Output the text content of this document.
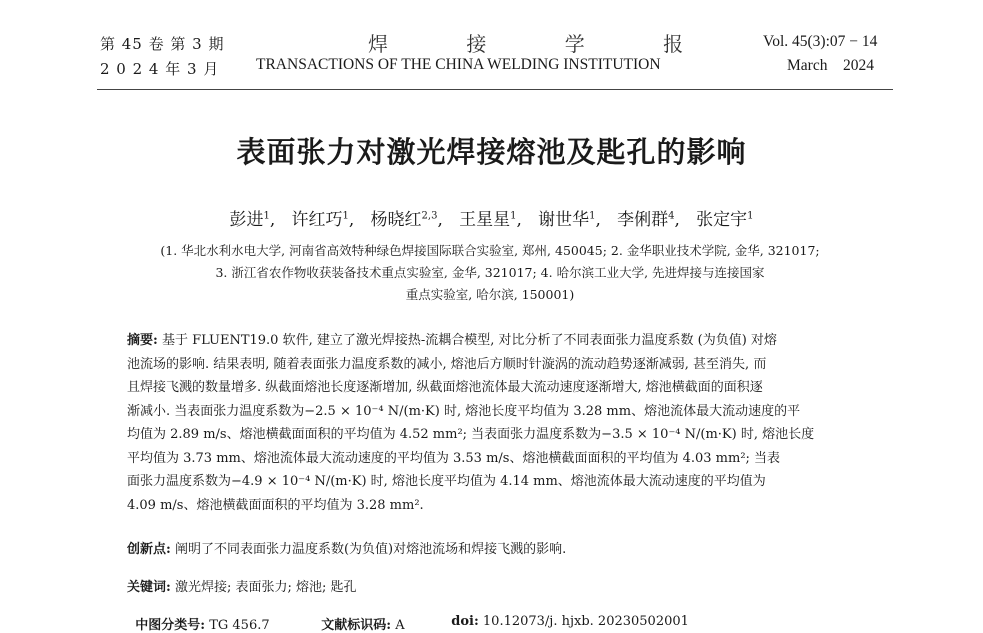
第 45 卷 第 3 期
2 0 2 4 年 3 月
焊 接 学 报
TRANSACTIONS OF THE CHINA WELDING INSTITUTION
Vol. 45(3):07 − 14
March    2024
表面张力对激光焊接熔池及匙孔的影响
彭进$^1$,   许红巧$^1$,   杨晓红$^{2,3}$,   王星星$^1$,   谢世华$^1$,   李俐群$^4$,   张定宇$^1$
(1. 华北水利水电大学, 河南省高效特种绿色焊接国际联合实验室, 郑州, 450045; 2. 金华职业技术学院, 金华, 321017;
3. 浙江省农作物收获装备技术重点实验室, 金华, 321017; 4. 哈尔滨工业大学, 先进焊接与连接国家
重点实验室, 哈尔滨, 150001)
摘要: 基于 FLUENT19.0 软件, 建立了激光焊接热-流耦合模型, 对比分析了不同表面张力温度系数 (为负值) 对熔
池流场的影响. 结果表明, 随着表面张力温度系数的减小, 熔池后方顺时针漩涡的流动趋势逐渐减弱, 甚至消失, 而
且焊接飞溅的数量增多. 纵截面熔池长度逐渐增加, 纵截面熔池流体最大流动速度逐渐增大, 熔池横截面的面积逐
渐减小. 当表面张力温度系数为−2.5 × 10⁻⁴ N/(m·K) 时, 熔池长度平均值为 3.28 mm、熔池流体最大流动速度的平
均值为 2.89 m/s、熔池横截面面积的平均值为 4.52 mm²; 当表面张力温度系数为−3.5 × 10⁻⁴ N/(m·K) 时, 熔池长度
平均值为 3.73 mm、熔池流体最大流动速度的平均值为 3.53 m/s、熔池横截面面积的平均值为 4.03 mm²; 当表
面张力温度系数为−4.9 × 10⁻⁴ N/(m·K) 时, 熔池长度平均值为 4.14 mm、熔池流体最大流动速度的平均值为
4.09 m/s、熔池横截面面积的平均值为 3.28 mm².
创新点: 阐明了不同表面张力温度系数(为负值)对熔池流场和焊接飞溅的影响.
关键词: 激光焊接; 表面张力; 熔池; 匙孔

中图分类号: TG 456.7	文献标识码: A	doi: 10.12073/j. hjxb. 20230502001
